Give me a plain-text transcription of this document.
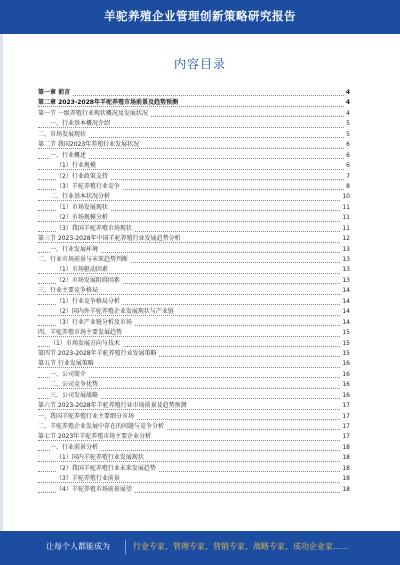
羊驼养殖企业管理创新策略研究报告
内容目录
第一章 前言	4
第二章 2023-2028年羊驼养殖市场前景及趋势预测	4
第一节 一级养殖行业现状概况及发展状况	4
一、行业基本概况介绍	5
二、市场发展现状	5
第二节 我国2023年养殖行业发展状况	6
一、行业概述	6
（1）行业规模	6
（2）行业政策支持	7
（3）羊驼养殖行业竞争	8
二、行业基本状况分析	10
（1）市场发展现状	11
（2）市场规模分析	11
（3）我国羊驼养殖市场现状	11
第三节 2023-2028年中国羊驼养殖行业发展趋势分析	12
一、行业发展环境	13
二、行业市场前景与未来趋势判断	13
（1）市场驱动因素	13
（2）市场发展阻碍因素	13
三、行业主要竞争格局	14
（1）行业竞争格局分析	14
（2）国内外羊驼养殖企业发展现状与产业链	14
（3）行业产业链分析及市场	14
四、羊驼养殖市场主要发展趋势	15
（1）市场发展方向与技术	15
第四节 2023-2028年羊驼养殖行业发展策略	15
第五节 行业发展策略	16
一、公司简介	16
二、公司竞争优势	16
三、公司发展战略	16
第六节 2023-2028年羊驼养殖行业市场前景及趋势预测	17
一、我国羊驼养殖行业主要细分市场	17
二、羊驼养殖企业发展中存在的问题与竞争分析	17
第七节 2023年羊驼养殖市场主要企业分析	17
一、行业前景分析	18
（1）国内羊驼养殖行业发展现状	18
（2）我国羊驼养殖行业未来发展趋势	18
（3）羊驼养殖行业前景	18
（4）羊驼养殖市场前景展望	18
让每个人都能成为	行业专家、管理专家、营销专家、战略专家、成功企业家……
